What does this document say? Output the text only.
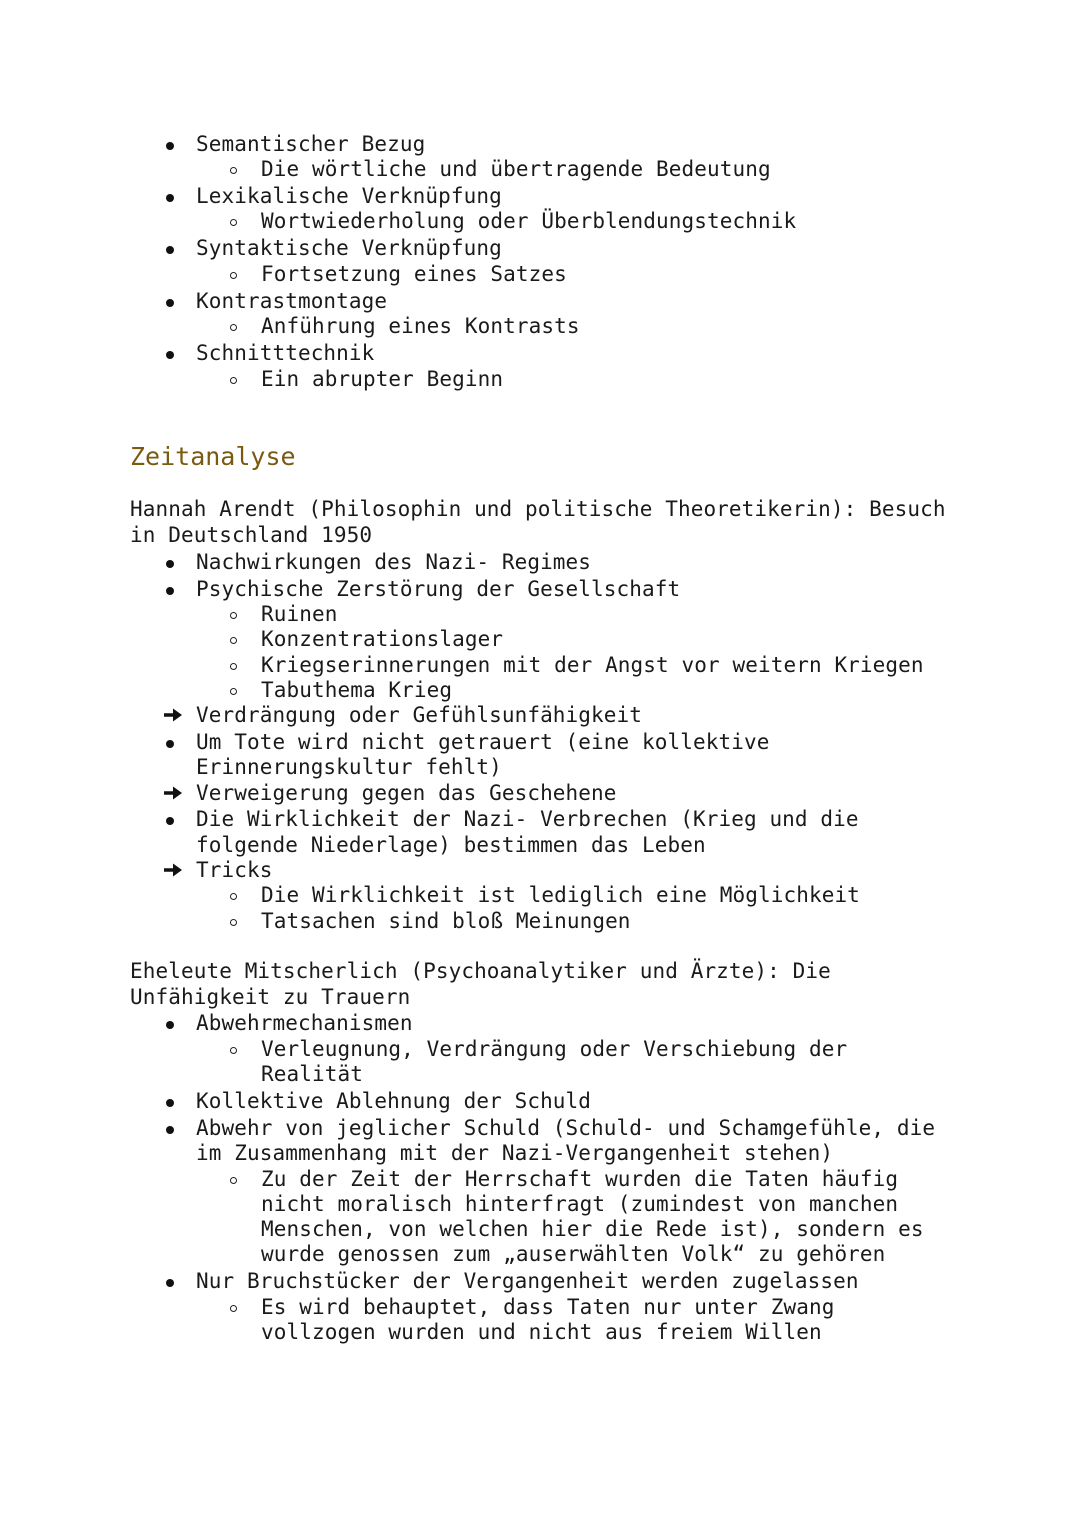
Semantischer Bezug
Die wörtliche und übertragende Bedeutung
Lexikalische Verknüpfung
Wortwiederholung oder Überblendungstechnik
Syntaktische Verknüpfung
Fortsetzung eines Satzes
Kontrastmontage
Anführung eines Kontrasts
Schnitttechnik
Ein abrupter Beginn
Zeitanalyse
Hannah Arendt (Philosophin und politische Theoretikerin): Besuch
in Deutschland 1950
Nachwirkungen des Nazi- Regimes
Psychische Zerstörung der Gesellschaft
Ruinen
Konzentrationslager
Kriegserinnerungen mit der Angst vor weitern Kriegen
Tabuthema Krieg
Verdrängung oder Gefühlsunfähigkeit
Um Tote wird nicht getrauert (eine kollektive
Erinnerungskultur fehlt)
Verweigerung gegen das Geschehene
Die Wirklichkeit der Nazi- Verbrechen (Krieg und die
folgende Niederlage) bestimmen das Leben
Tricks
Die Wirklichkeit ist lediglich eine Möglichkeit
Tatsachen sind bloß Meinungen
Eheleute Mitscherlich (Psychoanalytiker und Ärzte): Die
Unfähigkeit zu Trauern
Abwehrmechanismen
Verleugnung, Verdrängung oder Verschiebung der
Realität
Kollektive Ablehnung der Schuld
Abwehr von jeglicher Schuld (Schuld- und Schamgefühle, die
im Zusammenhang mit der Nazi-Vergangenheit stehen)
Zu der Zeit der Herrschaft wurden die Taten häufig
nicht moralisch hinterfragt (zumindest von manchen
Menschen, von welchen hier die Rede ist), sondern es
wurde genossen zum „auserwählten Volk“ zu gehören
Nur Bruchstücker der Vergangenheit werden zugelassen
Es wird behauptet, dass Taten nur unter Zwang
vollzogen wurden und nicht aus freiem Willen
